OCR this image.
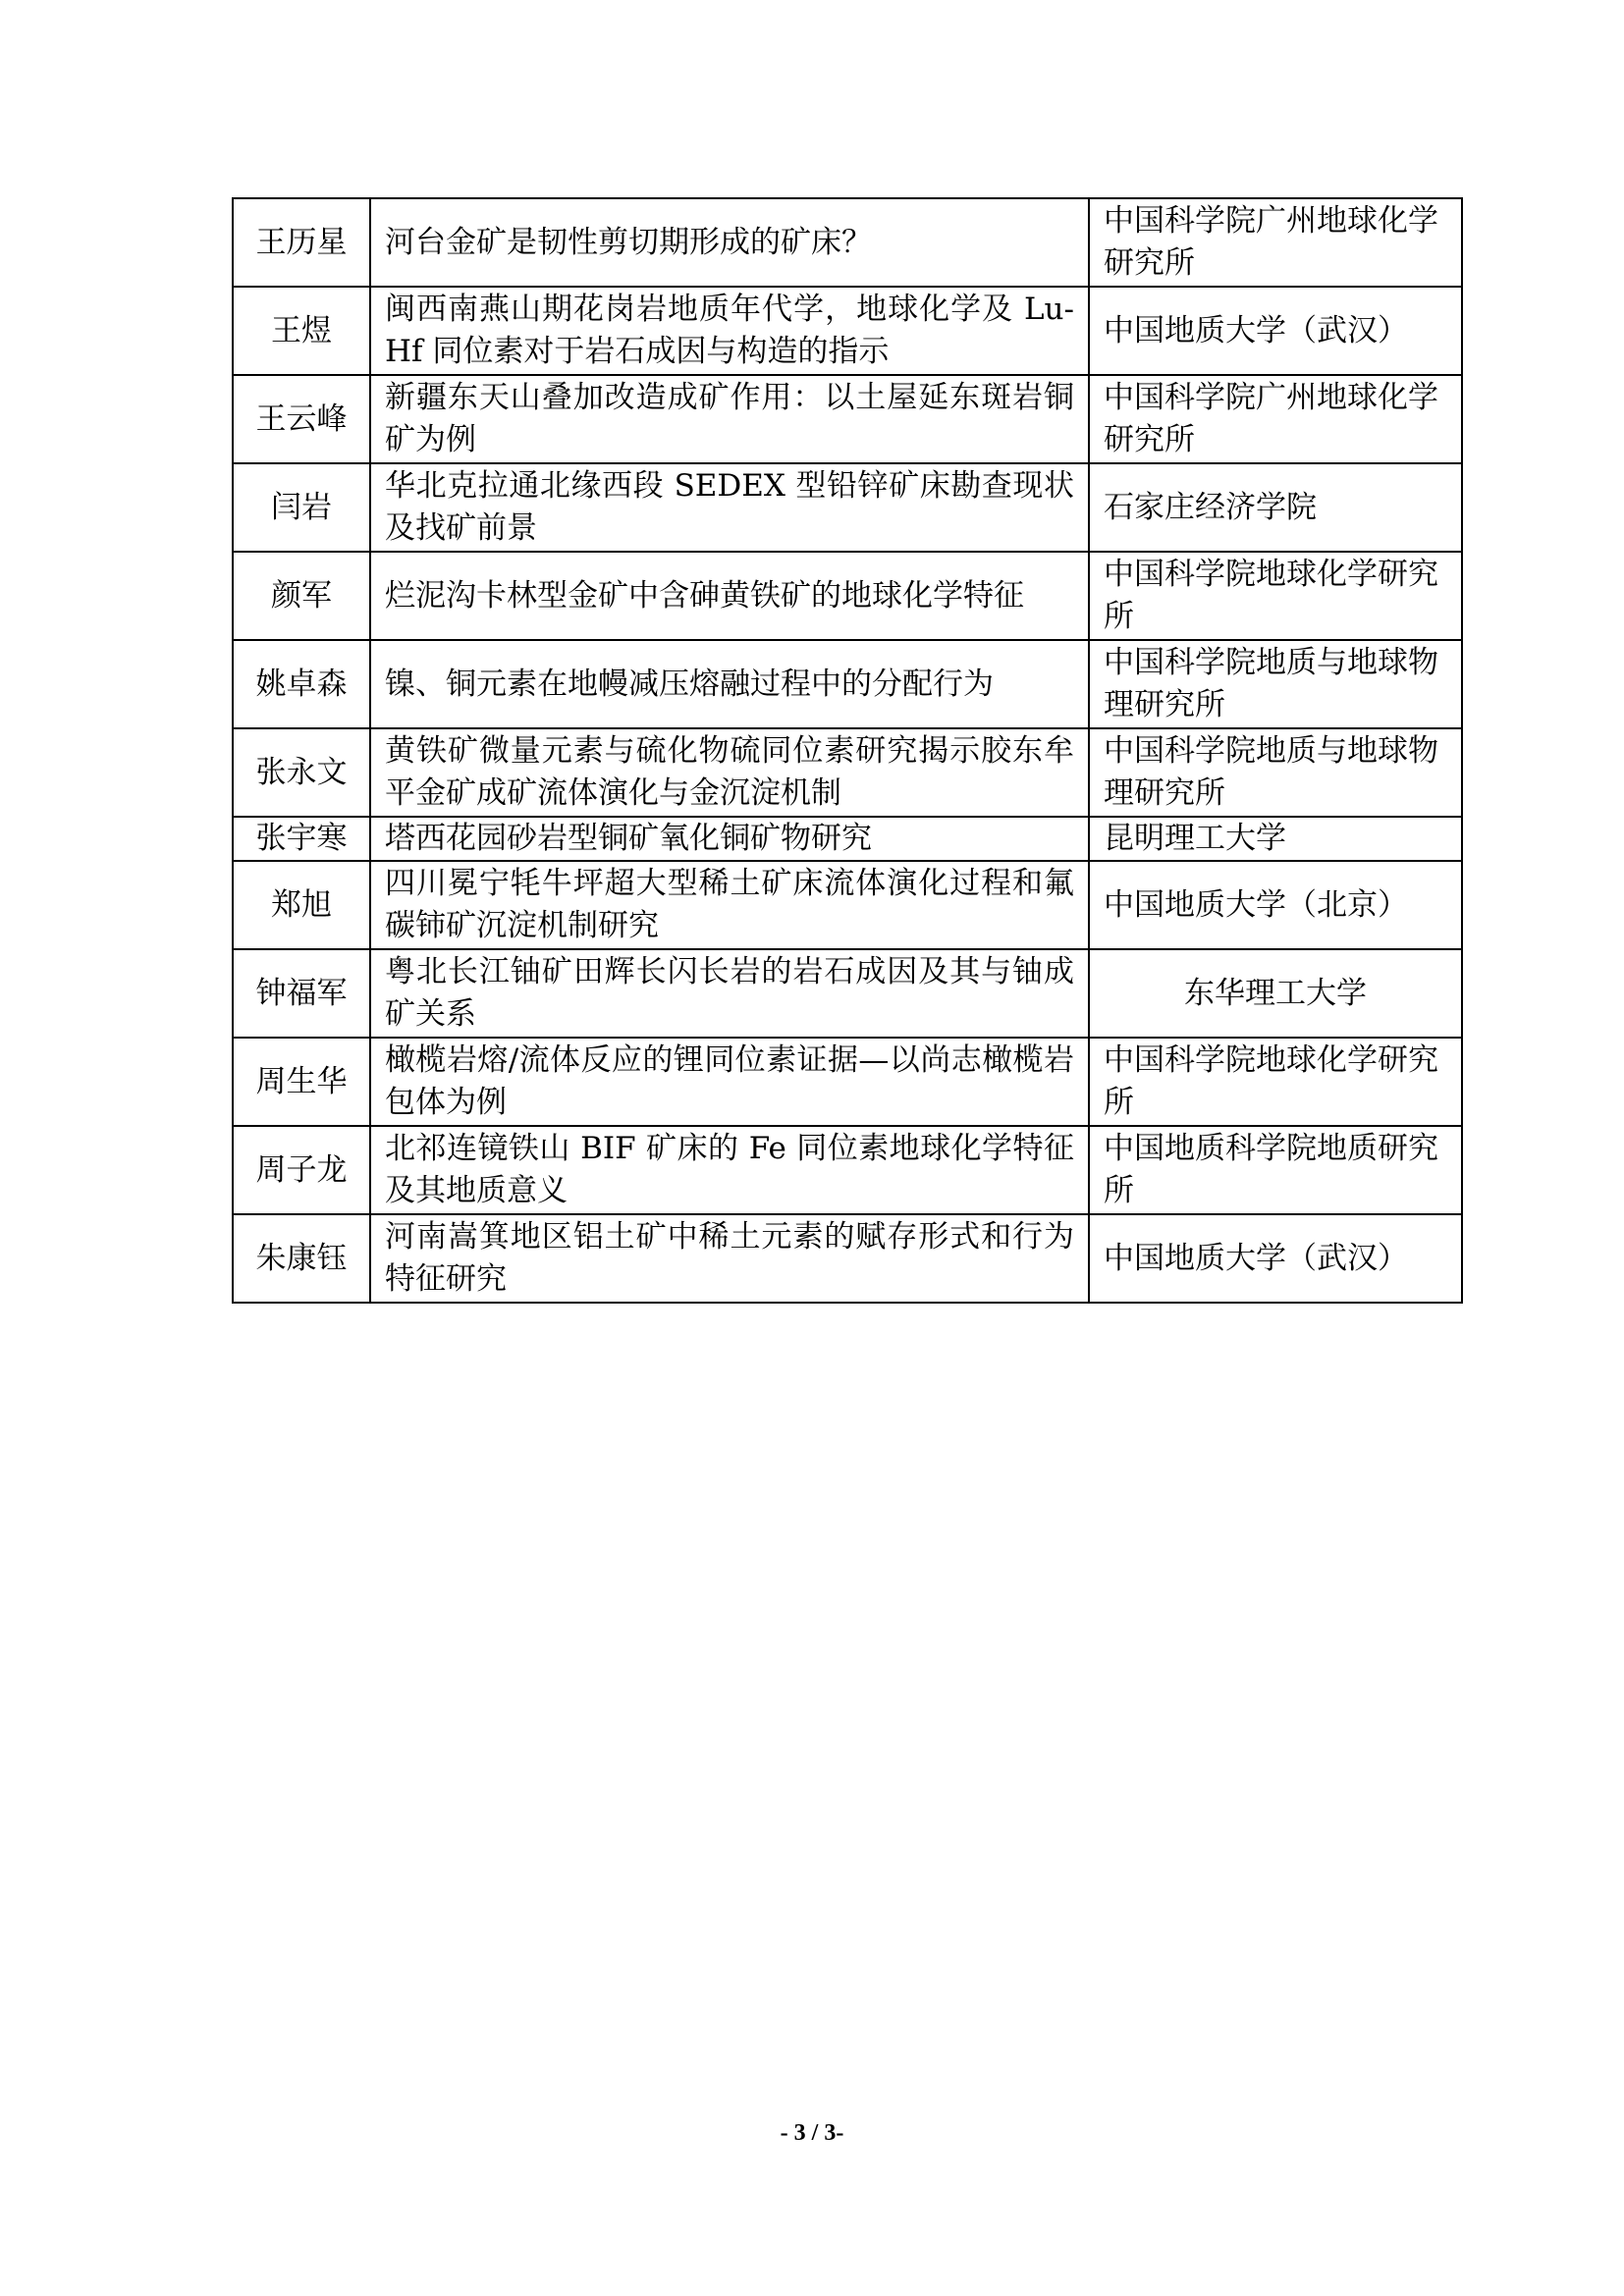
王历星	河台金矿是韧性剪切期形成的矿床？	中国科学院广州地球化学研究所
王煜	闽西南燕山期花岗岩地质年代学，地球化学及 Lu-Hf 同位素对于岩石成因与构造的指示	中国地质大学（武汉）
王云峰	新疆东天山叠加改造成矿作用：以土屋延东斑岩铜矿为例	中国科学院广州地球化学研究所
闫岩	华北克拉通北缘西段 SEDEX 型铅锌矿床勘查现状及找矿前景	石家庄经济学院
颜军	烂泥沟卡林型金矿中含砷黄铁矿的地球化学特征	中国科学院地球化学研究所
姚卓森	镍、铜元素在地幔减压熔融过程中的分配行为	中国科学院地质与地球物理研究所
张永文	黄铁矿微量元素与硫化物硫同位素研究揭示胶东牟平金矿成矿流体演化与金沉淀机制	中国科学院地质与地球物理研究所
张宇寒	塔西花园砂岩型铜矿氧化铜矿物研究	昆明理工大学
郑旭	四川冕宁牦牛坪超大型稀土矿床流体演化过程和氟碳铈矿沉淀机制研究	中国地质大学（北京）
钟福军	粤北长江铀矿田辉长闪长岩的岩石成因及其与铀成矿关系	东华理工大学
周生华	橄榄岩熔/流体反应的锂同位素证据—以尚志橄榄岩包体为例	中国科学院地球化学研究所
周子龙	北祁连镜铁山 BIF 矿床的 Fe 同位素地球化学特征及其地质意义	中国地质科学院地质研究所
朱康钰	河南嵩箕地区铝土矿中稀土元素的赋存形式和行为特征研究	中国地质大学（武汉）
- 3 / 3-
